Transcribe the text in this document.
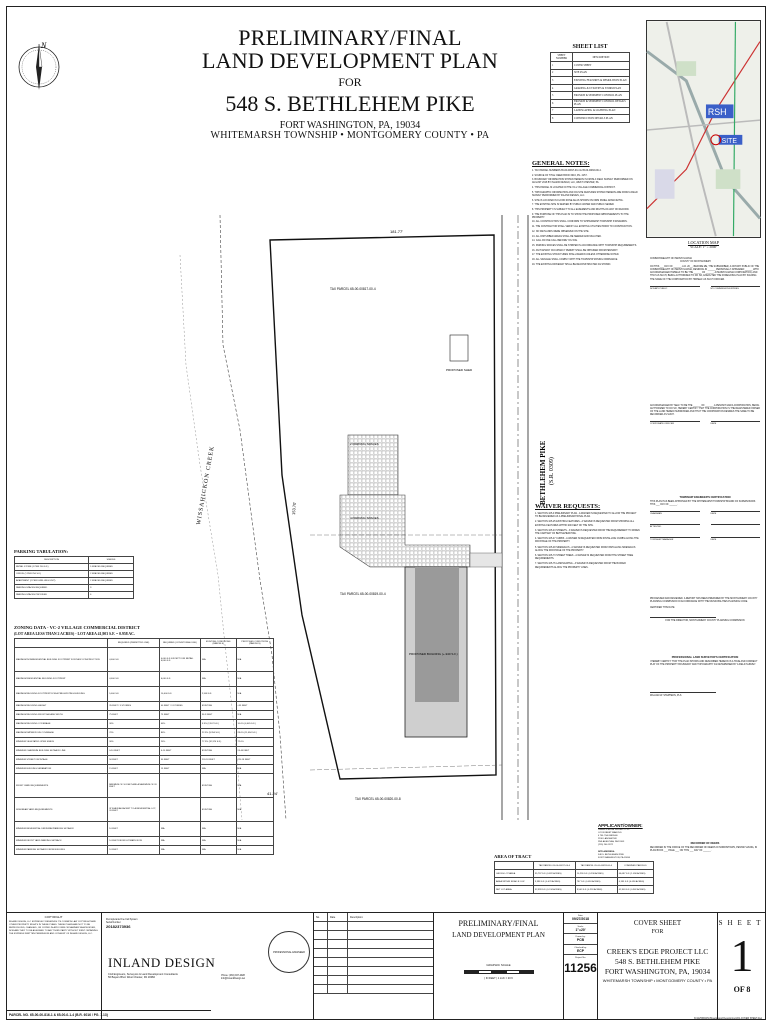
N	PRELIMINARY/FINAL
LAND DEVELOPMENT PLAN
FOR
548 S. BETHLEHEM PIKE
FORT WASHINGTON, PA, 19034
WHITEMARSH TOWNSHIP • MONTGOMERY COUNTY • PA
SHEET LIST
SHEET NUMBER	DESCRIPTION
1	COVER SHEET
2	SITE PLAN
3	EXISTING FEATURES & DEMOLITION PLAN
4	GRADING & UTILITIES & STORM PLAN
5	EROSION & SEDIMENT CONTROL PLAN
6	EROSION & SEDIMENT CONTROL DETAILS PLAN
7	LANDSCAPING & LIGHTING PLAN
8	CONSTRUCTION DETAILS PLAN
BETHLEHEM PIKE (S.R. 0309)
WISSAHICKON CREEK
TAX PARCEL 65-00-00817-00-4
TAX PARCEL 65-00-00819-00-4
TAX PARCEL 65-00-00820-00-8
PROPOSED SHED
PROPOSED BUILDING (+-940 S.F.)
4 PARKING SPACES
2 PARKING SPACES
181.77'
153.70'
41.24'
GENERAL NOTES:
1. TAX PARCEL NUMBERS 65-00-00817-00-4 & 65-00-00819-00-4.
2. SOURCE OF TITLE: DEED BOOK 6016, PG. 2157.
3. BOUNDARY INFORMATION SHOWN HEREON IS FROM A FIELD SURVEY PERFORMED ON AUGUST 2018 BY INLAND DESIGN, LLC, WEST CHESTER, PA.
4. THIS PARCEL IS LOCATED IN THE VC-2 VILLAGE COMMERCIAL DISTRICT.
5. TOPOGRAPHIC INFORMATION AND ON-SITE FEATURES SHOWN HEREON ARE FROM A FIELD SURVEY PERFORMED BY INLAND DESIGN, LLC.
6. SITE IS LOCATED IN FLOOD ZONE AE AS SHOWN ON FIRM PANEL 42091C0276G.
7. THE EXISTING SITE IS SERVED BY PUBLIC WATER AND PUBLIC SEWER.
8. THIS PROPERTY IS SUBJECT TO ALL EASEMENTS AND RIGHTS-OF-WAY OF RECORD.
9. THE PURPOSE OF THIS PLAN IS TO SHOW THE PROPOSED IMPROVEMENTS TO THE PROPERTY.
10. ALL CONSTRUCTION SHALL CONFORM TO WHITEMARSH TOWNSHIP STANDARDS.
11. THE CONTRACTOR SHALL VERIFY ALL EXISTING UTILITIES PRIOR TO CONSTRUCTION.
12. NO WETLANDS WERE OBSERVED ON THE SITE.
13. ALL DISTURBED AREAS SHALL BE SEEDED AND MULCHED.
14. CALL PA ONE CALL BEFORE YOU DIG.
15. PARKING SPACES SHALL BE STRIPED IN ACCORDANCE WITH TOWNSHIP REQUIREMENTS.
16. AN HIGHWAY OCCUPANCY PERMIT SHALL BE OBTAINED FROM PENNDOT.
17. THE EXISTING STRUCTURES SHALL REMAIN UNLESS OTHERWISE NOTED.
18. ALL SIGNAGE SHALL COMPLY WITH THE TOWNSHIP ZONING ORDINANCE.
19. THE EXISTING DRIVEWAY SHALL BE RECONSTRUCTED AS SHOWN.
WAIVER REQUESTS:
1. SECTION 105-9 PRELIMINARY PLAN - A WAIVER IS REQUESTED TO ALLOW THE PROJECT TO BE REVIEWED AS A PRELIMINARY/FINAL PLAN.
2. SECTION 105-25 EXISTING FEATURES - A WAIVER IS REQUESTED FROM SHOWING ALL EXISTING FEATURES WITHIN 200 FEET OF THE SITE.
3. SECTION 105-43 STREETS - A WAIVER IS REQUESTED FROM THE REQUIREMENT TO WIDEN THE CARTWAY OF BETHLEHEM PIKE.
4. SECTION 105-47 CURBS - A WAIVER IS REQUESTED FROM INSTALLING CURBS ALONG THE FRONTAGE OF THE PROPERTY.
5. SECTION 105-48 SIDEWALKS - A WAIVER IS REQUESTED FROM INSTALLING SIDEWALKS ALONG THE FRONTAGE OF THE PROPERTY.
6. SECTION 105-73 STREET TREES - A WAIVER IS REQUESTED FROM THE STREET TREE REQUIREMENTS.
7. SECTION 105-76 LANDSCAPING - A WAIVER IS REQUESTED FROM THE BUFFER REQUIREMENTS ALONG THE PROPERTY LINES.
RSH
SITE
LOCATION MAP
SCALE: 1" = 2000'
COMMONWEALTH OF PENNSYLVANIA
COUNTY OF MONTGOMERY
ON THIS ___ DAY OF ______, A.D. 20__, BEFORE ME, THE SUBSCRIBER, A NOTARY PUBLIC OF THE COMMONWEALTH OF PENNSYLVANIA, RESIDING IN ______ PERSONALLY APPEARED ______ WHO ACKNOWLEDGED HIMSELF TO BE THE ______ OF ______, A PENNSYLVANIA CORPORATION, AND THAT AS SUCH, BEING AUTHORIZED TO DO SO, EXECUTED THE FOREGOING PLAN BY SIGNING THE NAME OF THE CORPORATION BY HIMSELF AS SUCH OFFICER.
NOTARY PUBLIC	MY COMMISSION EXPIRES
ACKNOWLEDGED BY SELF TO BE THE ______ OF ______, A PENNSYLVANIA CORPORATION, BEING AUTHORIZED TO DO SO, HEREBY CERTIFY THAT THE CORPORATION IS THE REGISTERED OWNER OF THE LAND HEREIN SUBDIVIDED AND THAT THE CORPORATION DESIRES THE SAME TO BE RECORDED AS SUCH.
CORPORATE OFFICER	DATE
TOWNSHIP ENGINEER'S CERTIFICATION
THIS PLAN HAS BEEN APPROVED BY THE WHITEMARSH TOWNSHIP BOARD OF SUPERVISORS THIS ___ DAY OF ______.
CHAIRMAN	DATE
ATTESTED
TOWNSHIP MANAGER	DATE
PROCESSED AND REVIEWED. A REPORT HAS BEEN PREPARED BY THE MONTGOMERY COUNTY PLANNING COMMISSION IN ACCORDANCE WITH THE MUNICIPALITIES PLANNING CODE.
CERTIFIED THIS DATE
FOR THE DIRECTOR, MONTGOMERY COUNTY PLANNING COMMISSION
PROFESSIONAL LAND SURVEYOR'S CERTIFICATION
I HEREBY CERTIFY THAT THE PLAN SHOWN AND DESCRIBED HEREON IS A TRUE AND CORRECT PLAT OF THE PROPERTY BOUNDARY AND TOPOGRAPHY AS DETERMINED BY A FIELD SURVEY.
WILLIAM W. STEPHENS, PLS
RECORDER OF DEEDS
RECORDED IN THE OFFICE OF THE RECORDER OF DEEDS IN NORRISTOWN, PENNSYLVANIA, IN PLAN BOOK ___ PAGE ___ ON THIS ___ DAY OF ______.
PARKING TABULATION:
DESCRIPTION	SPACES
RETAIL STORE (1 PER 200 S.F.)	5 SPACES REQUIRED
OFFICE (1 PER 250 S.F.)	2 SPACES REQUIRED
APARTMENT (2 PER DWELLING UNIT)	2 SPACES REQUIRED
PARKING SPACES REQUIRED	9
PARKING SPACES PROVIDED	6
ZONING DATA - VC-2 VILLAGE COMMERCIAL DISTRICT
(LOT AREA LESS THAN 2 ACRES) - LOT AREA 41,903 S.F. = 0.958 AC.
	REQUIRED (PERMITTED USE)	REQUIRED (CONDITIONAL USE)	EXISTING CONDITIONS (PARCELS)	PROPOSED CONDITIONS (PARCELS)
MAXIMUM NONRESIDENTIAL BUILDING FOOTPRINT FOR NEW CONSTRUCTION	4,000 S.F.	4,000 S.F. EXCEPT FOR RETAIL 6,000 S.F.	N/A	N/A
MAXIMUM RESIDENTIAL BUILDING FOOTPRINT	4,000 S.F.	6,000 S.F.	N/A	N/A
MAXIMUM BUILDING FOOTPRINT FOR A PRE-EXISTING BUILDING	5,000 S.F.	10,000 S.F.	2,508 S.F.	N/A
MAXIMUM BUILDING HEIGHT	35 FEET / 3 STORIES	40 FEET / 3 STORIES	EXISTING	<35 FEET
MAXIMUM BUILDING FRONT FACADE WIDTH	75 FEET	75 FEET	36.3 FEET	N/A
MAXIMUM BUILDING COVERAGE	30%	40%	5.9% (2,507 S.F.)	10.0% (4,445 S.F.)
MAXIMUM IMPERVIOUS COVERAGE	70%	80%	22.3% (9,356 S.F.)	28.0% (11,694 S.F.)
MINIMUM VEGETATED OPEN SPACE	30%	20%	77.3% (32,370 S.F.)	72.0%
MINIMUM / MAXIMUM BUILDING SETBACK LINE	0-10 FEET	0-10 FEET	EXISTING	24.44 FEET
MINIMUM STREET FRONTAGE	50 FEET	50 FEET	220.18 FEET	220.18 FEET
MINIMUM BUILDING SEPARATION	15 FEET	15 FEET	N/A	N/A
FRONT YARD REQUIREMENTS	MINIMUM OF 10 FEET AND A MAXIMUM OF 20 FEET		EXISTING	N/A
SIDE/REAR YARD REQUIREMENTS	IF WHEN ADJACENT TO A RESIDENTIAL LOT, 20 FEET		EXISTING	N/A
MINIMUM RESIDENTIAL DRIVEWAY/PARKING SETBACK	10 FEET	N/A	N/A	N/A
MINIMUM FRONT YARD PARKING SETBACK	10 FEET FROM ULTIMATE ROW	N/A	N/A	N/A
MINIMUM PARKING SETBACK FROM BUILDING	10 FEET	N/A	N/A	N/A
APPLICANT/OWNER:
CREEK'S EDGE PROJECT LLC
C/O ROBERT MARCUS
4 TEL THE BRIDGE
2190 LANCASTER
PHILADELPHIA, PA 19103
(215) 204-3372
SITE ADDRESS:
548 S. BETHLEHEM PIKE
FORT WASHINGTON, PA 19034
AREA OF TRACT
	TAX PARCEL 65-00-00817-00-4	TAX PARCEL 65-00-00819-00-4	COMBINED PARCELS
GROSS LOT AREA	35,797 S.F. (0.822 ACRES)	10,290 S.F. (0.236 ACRES)	46,087 S.F. (1.058 ACRES)
AREA WITHIN ROAD R.O.W.	3,398 S.F. (0.078 ACRES)	787 S.F. (0.018 ACRES)	4,185 S.F. (0.096 ACRES)
NET LOT AREA	32,399 S.F. (0.744 ACRES)	9,503 S.F. (0.218 ACRES)	41,903 S.F. (0.962 ACRES)
COPYRIGHT
INLAND DESIGN, LLC EXPRESSLY RESERVES ITS COMMON LAW COPYRIGHT AND OTHER PROPERTY RIGHTS IN THESE PLANS. THESE PLANS ARE NOT TO BE REPRODUCED, CHANGED, OR COPIED IN ANY FORM OR MANNER WHATSOEVER, NOR ARE THEY TO BE ASSIGNED TO ANY THIRD PARTY WITHOUT FIRST OBTAINING THE EXPRESS WRITTEN PERMISSION AND CONSENT OF INLAND DESIGN, LLC.
Pennsylvania One Call System
Serial Number
20182373936
INLAND DESIGN
Civil Engineers, Surveyors & Land Development Consultants
56 Bayers Blvd. West Chester, PA 19382
Phone: (484) 947-2928
Info@InLandDesign.net
PROFESSIONAL ENGINEER
No.	Date	Description:
PRELIMINARY/FINAL
LAND DEVELOPMENT PLAN
GRAPHIC SCALE
( IN FEET ) 1 inch = 20 ft
Date:
09/27/2018
Scale:
1"=20'
Drawn by:
PCB
Checked by:
ECP
Project No.
11256
COVER SHEET
FOR
CREEK'S EDGE PROJECT LLC
548 S. BETHLEHEM PIKE
FORT WASHINGTON, PA, 19034
WHITEMARSH TOWNSHIP • MONTGOMERY COUNTY • PA
SHEET
1
OF 8
PARCEL NO. 65-00-00-816-1 & 65-00-0-1-4 (B.R. 6016 / PG. 1.13)
N:\11256\DWG\Sheets\Land Development\01-COVER SHEET.dwg
